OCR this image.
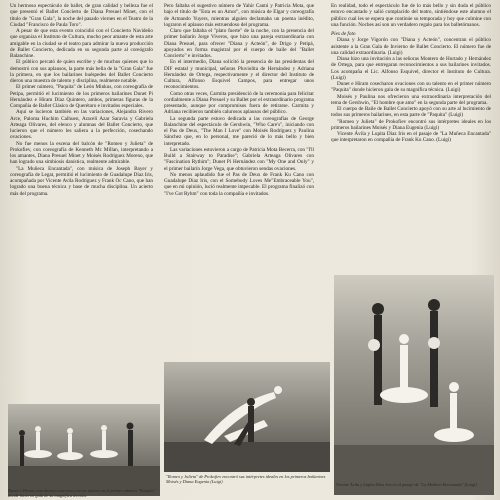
Un hermoso espectáculo de ballet, de gran calidad y belleza fue el que presentó el Ballet Concierto de Diana Presuel Minet, con el título de "Gran Gala", la noche del pasado viernes en el Teatro de la Ciudad "Francisco de Paula Toro".

A pesar de que esta evento coincidió con el Concierto Navideño que organiza el Instituto de Cultura, mucho peor amante de esta arte amigable en la ciudad se el teatro para admirar la nueva producción de Ballet Concierto, dedicada en su segunda parte al coreógrafo Balanchine.

El público percató de quien escribe y de muchos quienes que lo demostró con sus aplausos, la parte más bella de la "Gran Gala" fue la primera, en que los bailarines huéspedes del Ballet Concierto dieron una muestra de talento y disciplina, realmente notable.

El primer número, "Paquita" de León Minkus, con coreografía de Petipa, permitió el lucimiento de los primeros bailarines Dunet Pi Hernández e Hiram Díaz Quintero, ambos, primeras figuras de la Compañía de Ballet Clásico de Querétaro e invitados especiales.

Aquí se lucieron también en las variaciones, Alejandra Rivero Arce, Paloma Huchim Calhuen, Araceli Azar Saravia y Gabriela Arteaga Olivares, del elenco y alumnas del Ballet Concierto, que lucieron que el número les saliera a la perfección, cosechando ovaciones.

No fue menos la escena del balcón de "Romeo y Julieta" de Prokofiev, con coreografía de Kenneth Mc Millan, interpretando a los amantes, Diana Presuel Minet y Moisés Rodríguez Moreno, que han logrado una simbiosis danística, realmente admirable.

"La Muñeca Encantada", con música de Joseph Bayer y coreografía de Legat, permitió el lucimiento de Guadalupe Díaz Iris, acompañada por Vicente Avila Rodríguez y Frank Oc Cano, que han logrado una buena técnica y base de mucha disciplina. Un acierto más del programa.

Pero faltaba el sugestivo número de Yahir Cantú y Patricia Mota, que bajo el título de "Esta es un Amor", con música de Elgar y coreografía de Armando Yuyers, mientras alguien declamaba un poema inédito, lograron el aplauso más estruendoso del programa.

Claro que faltaba el "plato fuerte" de la noche, con la presencia del primer bailarín Jorge Viveros, que hizo una pareja extraordinaria con Diana Presuel, para ofrecer "Diana y Acteón", de Drigo y Petipá, apoyados en forma magistral por el cuerpo de baile del "Ballet Concierto" e invitados.

En el intermedio, Diana solicitó la presencia de las presidentas del DIF estatal y municipal, señoras Pluviolita de Hernández y Adriana Hernández de Ortega, respectivamente y el director del Instituto de Cultura, Alfonso Esquivel Campos, para entregar unos reconocimientos.

Como otras veces, Carmita presidenció de la ceremonia para felicitar cordialmente a Diana Presuel y su Ballet por el extraordinario programa presentado, aunque por compromisos fuera de retirarse. Carmita y Adriana recibieron también calurosos aplausos del público.

La segunda parte estuvo dedicada a las coreografías de George Balanchine del espectáculo de Gershwin, "Who Care's", iniciando con el Pas de Deux, "The Man I Love" con Moisés Rodríguez y Paulina Sánchez que, en lo personal, me pareció de lo más bello y bien interpretado.

Las variaciones estuvieron a cargo de Patricia Mota Becerra, con "I'll Build a Stairway to Paradise"; Gabriela Arteaga Olivares con "Fascination Rythim"; Dunet Pi Hernández con "My One and Only" y el primer bailarín Jorge Vega, que obtuvieron sendas ovaciones.

No menos aplaudido fue el Pas de Deux de Frank Ku Cano con Guadalupe Díaz Iris, con el Somebody Loves Me"Embraceable You", que en mi opinión, lució realmente impecable. El programa finalizó con "I've Got Ryhm" con toda la compañía e invitados.

En realidad, todo el espectáculo fue de lo más bello y sin duda el público estuvo encantado y salió complacido del teatro, sintiéndose este alumno el público cual les se espera que continúe su temporada y hoy que culmine con una función. Noches así son un verdadero regalo para los balletómanos.

Pies de foto

Diana y Jorge Vigorón con "Diana y Acteón", concentran el público asistente a la Gran Gala de Invierno de Ballet Concierto. El número fue de una calidad extraordinaria. (Luigi)

Diana hizo una invitación a las señoras Montero de Hurtado y Hernández de Ortega, para que entregaran reconocimientos a sus bailarines invitados. Los acompaña el Lic. Alfonso Esquivel, director el Instituto de Cultura. (Luigi)

Dunet e Hiram cosecharon ovaciones con su talento en el primer número "Paquita" donde hicieron gala de su magnífica técnica. (Luigi)

Moisés y Paulina nos ofrecieron una extraordinaria interpretación del tema de Gershwin, "El hombre que amo" en la segunda parte del programa.

El cuerpo de Baile de Ballet Concierto apoyó con su arte al lucimiento de todos sus primeros bailarines, en esta parte de "Paquita" (Luigi)

"Romeo y Julieta" de Prokofiev encontró sus intérpretes ideales en los primeros bailarines Moisés y Diana Eugenia (Luigi)

Vicente Ávila y Lupita Díaz Iris en el pasaje de "La Muñeca Encantada" que interpretaron en compañía de Frank Ku Cano. (Luigi)

Dunet e Hiram cosecharon ovaciones con su talento en el primer número "Paquita" donde hicieron gala de su magnífica técnica.
"Romeo y Julieta" de Prokofiev encontró sus intérpretes ideales en los primeros bailarines Moisés y Diana Eugenia (Luigi)
Vicente Ávila y Lupita Díaz Iris en el pasaje de "La Muñeca Encantada" (Luigi)
